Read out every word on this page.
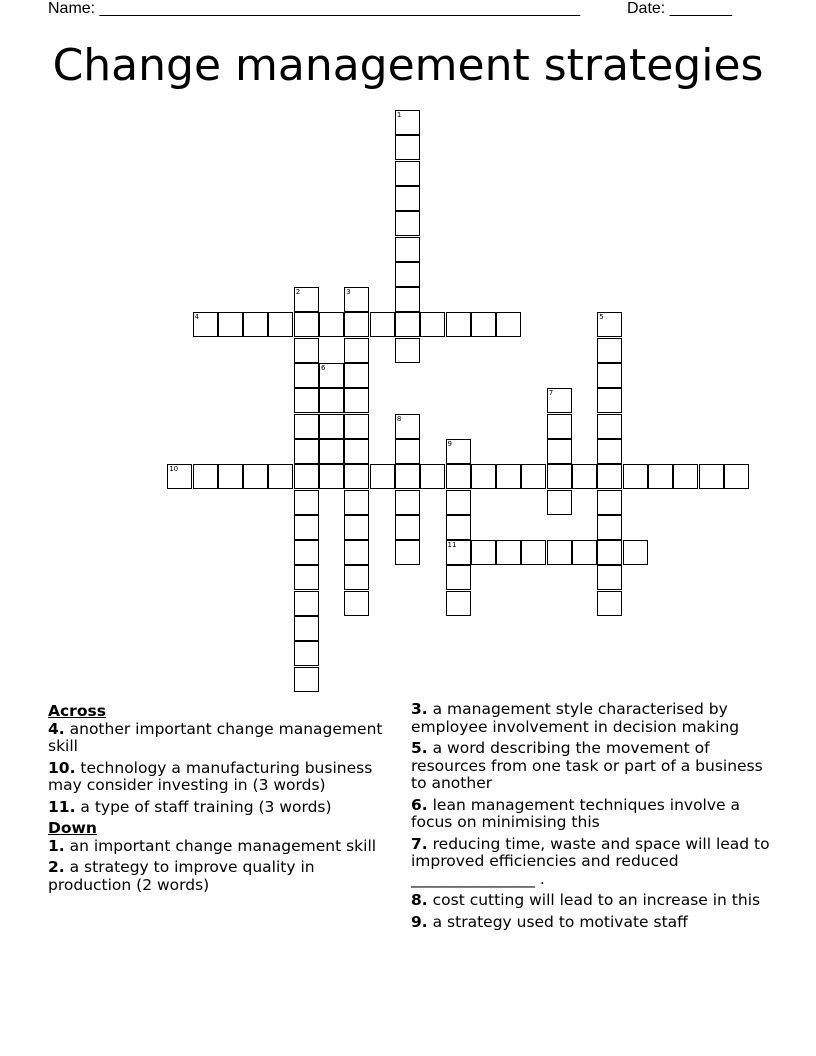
Name: ______________________________________________________	Date: _______
Change management strategies
1
2	3
4	5
6
7
8
9
11
10
Across
4. another important change management skill
10. technology a manufacturing business may consider investing in (3 words)
11. a type of staff training (3 words)
Down
1. an important change management skill
2. a strategy to improve quality in production (2 words)
3. a management style characterised by employee involvement in decision making
5. a word describing the movement of resources from one task or part of a business to another
6. lean management techniques involve a focus on minimising this
7. reducing time, waste and space will lead to improved efficiencies and reduced ________________ .
8. cost cutting will lead to an increase in this
9. a strategy used to motivate staff
